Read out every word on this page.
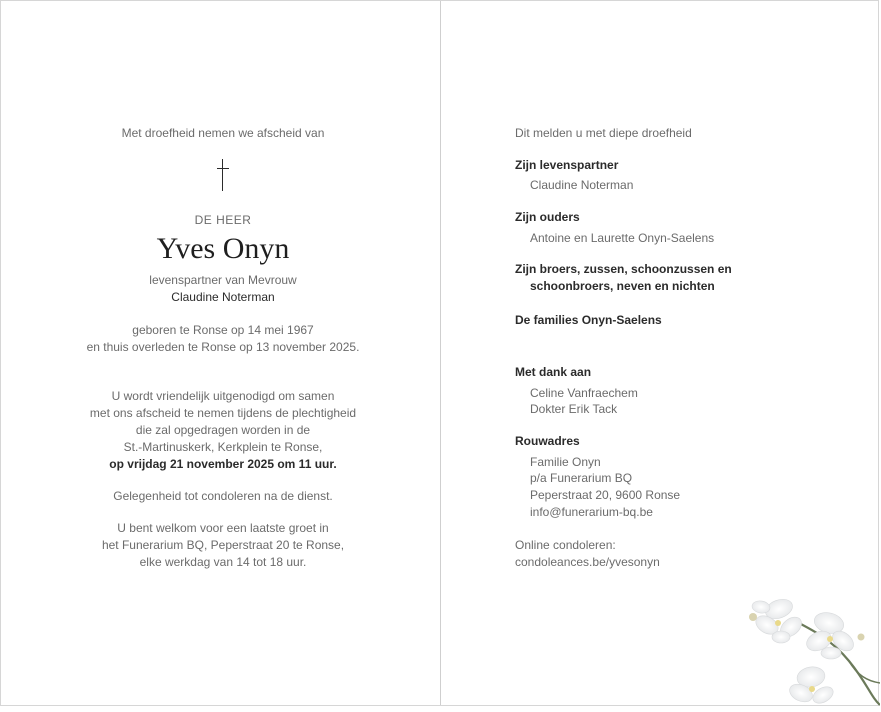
Met droefheid nemen we afscheid van
DE HEER
Yves Onyn
levenspartner van Mevrouw
Claudine Noterman
geboren te Ronse op 14 mei 1967
en thuis overleden te Ronse op 13 november 2025.
U wordt vriendelijk uitgenodigd om samen
met ons afscheid te nemen tijdens de plechtigheid
die zal opgedragen worden in de
St.-Martinuskerk, Kerkplein te Ronse,
op vrijdag 21 november 2025 om 11 uur.
Gelegenheid tot condoleren na de dienst.
U bent welkom voor een laatste groet in
het Funerarium BQ, Peperstraat 20 te Ronse,
elke werkdag van 14 tot 18 uur.
Dit melden u met diepe droefheid
Zijn levenspartner
Claudine Noterman
Zijn ouders
Antoine en Laurette Onyn-Saelens
Zijn broers, zussen, schoonzussen en
schoonbroers, neven en nichten
De families Onyn-Saelens
Met dank aan
Celine Vanfraechem
Dokter Erik Tack
Rouwadres
Familie Onyn
p/a Funerarium BQ
Peperstraat 20, 9600 Ronse
info@funerarium-bq.be
Online condoleren:
condoleances.be/yvesonyn
